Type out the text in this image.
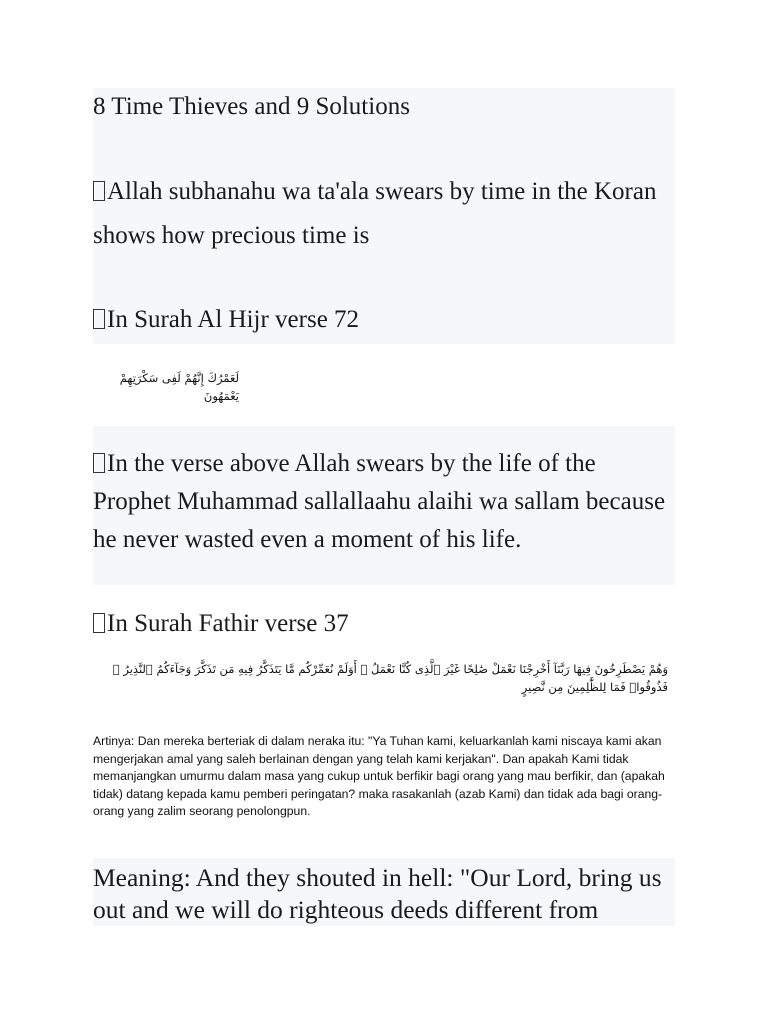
8 Time Thieves and 9 Solutions

Allah subhanahu wa ta'ala swears by time in the Koran shows how precious time is

In Surah Al Hijr verse 72

لَعَمْرُكَ إِنَّهُمْ لَفِى سَكْرَتِهِمْ يَعْمَهُونَ

In the verse above Allah swears by the life of the Prophet Muhammad sallallaahu alaihi wa sallam because he never wasted even a moment of his life.

In Surah Fathir verse 37

وَهُمْ يَصْطَرِخُونَ فِيهَا رَبَّنَآ أَخْرِجْنَا نَعْمَلْ صَٰلِحًا غَيْرَ ٱلَّذِى كُنَّا نَعْمَلُ ۚ أَوَلَمْ نُعَمِّرْكُم مَّا يَتَذَكَّرُ فِيهِ مَن تَذَكَّرَ وَجَآءَكُمُ ٱلنَّذِيرُ ۖ فَذُوقُوا۟ فَمَا لِلظَّٰلِمِينَ مِن نَّصِيرٍ

Artinya: Dan mereka berteriak di dalam neraka itu: "Ya Tuhan kami, keluarkanlah kami niscaya kami akan mengerjakan amal yang saleh berlainan dengan yang telah kami kerjakan". Dan apakah Kami tidak memanjangkan umurmu dalam masa yang cukup untuk berfikir bagi orang yang mau berfikir, dan (apakah tidak) datang kepada kamu pemberi peringatan? maka rasakanlah (azab Kami) dan tidak ada bagi orang-orang yang zalim seorang penolongpun.

Meaning: And they shouted in hell: "Our Lord, bring us out and we will do righteous deeds different from
